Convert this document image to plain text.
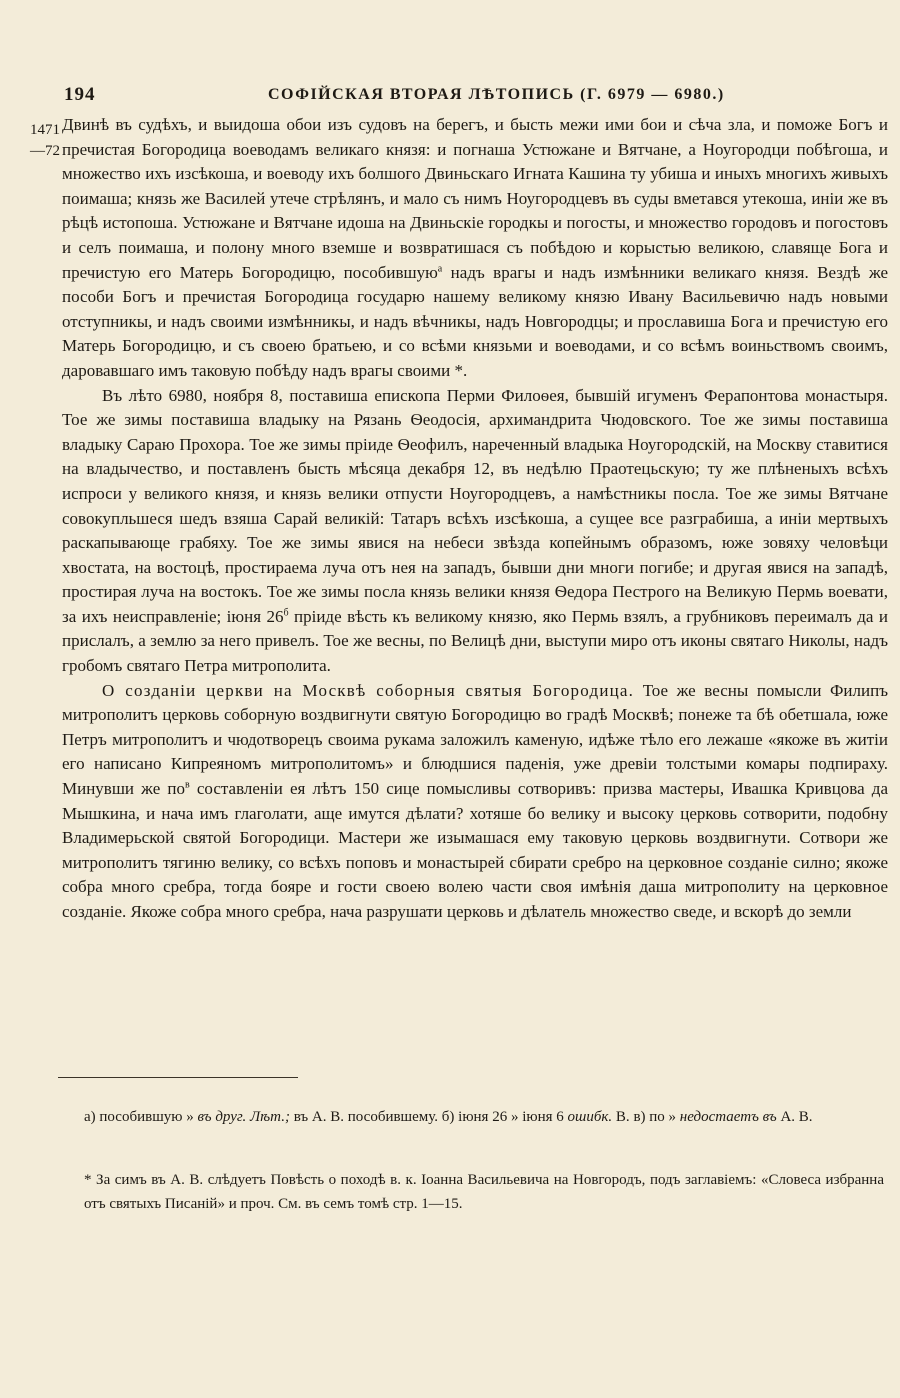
194	СОФІЙСКАЯ ВТОРАЯ ЛѢТОПИСЬ (Г. 6979 — 6980.)
1471
—72

Двинѣ въ судѣхъ, и выидоша обои изъ судовъ на берегъ, и бысть межи ими бои и сѣча зла, и поможе Богъ и пречистая Богородица воеводамъ великаго князя: и погнаша Устюжане и Вятчане, а Ноугородци побѣгоша, и множество ихъ изсѣкоша, и воеводу ихъ болшого Двиньскаго Игната Кашина ту убиша и иныхъ многихъ живыхъ поимаша; князь же Василей утече стрѣлянъ, и мало съ нимъ Ноугородцевъ въ суды вметався утекоша, инiи же въ рѣцѣ истопоша. Устюжане и Вятчане идоша на Двиньскiе городкы и погосты, и множество городовъ и погостовъ и селъ поимаша, и полону много вземше и возвратишася съ побѣдою и корыстью великою, славяще Бога и пречистую его Матерь Богородицю, пособившую$^а$ надъ врагы и надъ измѣнники великаго князя. Вездѣ же пособи Богъ и пречистая Богородица государю нашему великому князю Ивану Васильевичю надъ новыми отступникы, и надъ своими измѣнникы, и надъ вѣчникы, надъ Новгородцы; и прославиша Бога и пречистую его Матерь Богородицю, и съ своею братьею, и со всѣми князьми и воеводами, и со всѣмъ воиньствомъ своимъ, даровавшаго имъ таковую побѣду надъ врагы своими *.

Въ лѣто 6980, ноября 8, поставиша епископа Перми Филоѳея, бывшiй игуменъ Ферапонтова монастыря. Тое же зимы поставиша владыку на Рязань Ѳеодосiя, архимандрита Чюдовского. Тое же зимы поставиша владыку Сараю Прохора. Тое же зимы прiиде Ѳеофилъ, нареченный владыка Ноугородскiй, на Москву ставитися на владычество, и поставленъ бысть мѣсяца декабря 12, въ недѣлю Праотецьскую; ту же плѣненыхъ всѣхъ испроси у великого князя, и князь велики отпусти Ноугородцевъ, а намѣстникы посла. Тое же зимы Вятчане совокупльшеся шедъ взяша Сарай великiй: Татаръ всѣхъ изсѣкоша, а сущее все разграбиша, а инiи мертвыхъ раскапывающе грабяху. Тое же зимы явися на небеси звѣзда копейнымъ образомъ, юже зовяху человѣци хвостата, на востоцѣ, простираема луча отъ нея на западъ, бывши дни многи погибе; и другая явися на западѣ, простирая луча на востокъ. Тое же зимы посла князь велики князя Ѳедора Пестрого на Великую Пермь воевати, за ихъ неисправленiе; iюня $26^б$ прiиде вѣсть къ великому князю, яко Пермь взялъ, а грубниковъ переималъ да и прислалъ, а землю за него привелъ. Тое же весны, по Велицѣ дни, выступи миро отъ иконы святаго Николы, надъ гробомъ святаго Петра митрополита.

О созданiи церкви на Москвѣ соборныя святыя Богородица. Тое же весны помысли Филипъ митрополитъ церковь соборную воздвигнути святую Богородицю во градѣ Москвѣ; понеже та бѣ обетшала, юже Петръ митрополитъ и чюдотворецъ своима рукама заложилъ каменую, идѣже тѣло его лежаше «якоже въ житiи его написано Кипреяномъ митрополитомъ» и блюдшися паденiя, уже древiи толстыми комары подпираху. Минувши же $по^в$ составленiи ея лѣтъ 150 сице помысливы сотворивъ: призва мастеры, Ивашка Кривцова да Мышкина, и нача имъ глаголати, аще имутся дѣлати? хотяше бо велику и высоку церковь сотворити, подобну Владимерьской святой Богородици. Мастери же изымашася ему таковую церковь воздвигнути. Сотвори же митрополитъ тягиню велику, со всѣхъ поповъ и монастырей сбирати сребро на церковное созданiе силно; якоже собра много сребра, тогда бояре и гости своею волею части своя имѣнiя даша митрополиту на церковное созданiе. Якоже собра много сребра, нача разрушати церковь и дѣлатель множество сведе, и вскорѣ до земли

а) пособившую » въ друг. Лѣт.; въ А. В. пособившему. б) iюня 26 » iюня 6 ошибк. В. в) по » недостаетъ въ А. В.

* За симъ въ А. В. слѣдуетъ Повѣсть о походѣ в. к. Іоанна Васильевича на Новгородъ, подъ заглавiемъ: «Словеса избранна отъ святыхъ Писанiй» и проч. См. въ семъ томѣ стр. 1—15.
